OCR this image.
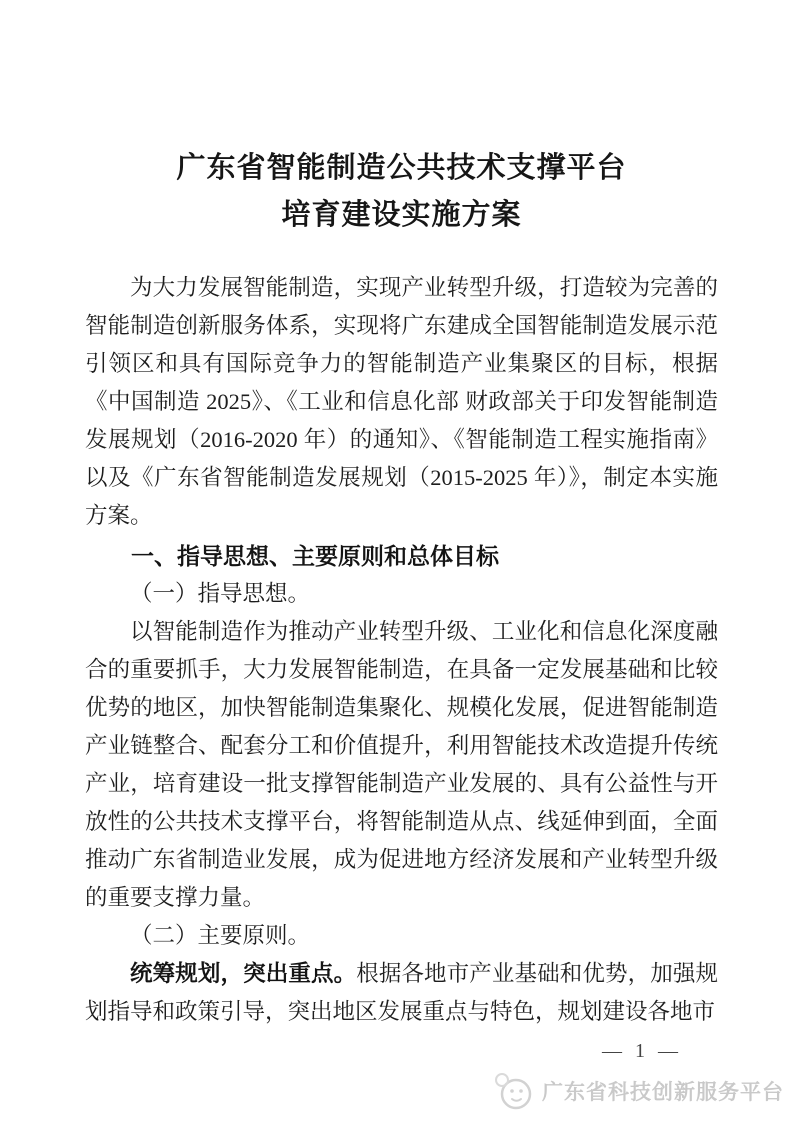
广东省智能制造公共技术支撑平台
培育建设实施方案

为大力发展智能制造，实现产业转型升级，打造较为完善的智能制造创新服务体系，实现将广东建成全国智能制造发展示范引领区和具有国际竞争力的智能制造产业集聚区的目标，根据《中国制造 2025》、《工业和信息化部 财政部关于印发智能制造发展规划（2016-2020 年）的通知》、《智能制造工程实施指南》以及《广东省智能制造发展规划（2015-2025 年）》，制定本实施方案。

一、指导思想、主要原则和总体目标

（一）指导思想。

以智能制造作为推动产业转型升级、工业化和信息化深度融合的重要抓手，大力发展智能制造，在具备一定发展基础和比较优势的地区，加快智能制造集聚化、规模化发展，促进智能制造产业链整合、配套分工和价值提升，利用智能技术改造提升传统产业，培育建设一批支撑智能制造产业发展的、具有公益性与开放性的公共技术支撑平台，将智能制造从点、线延伸到面，全面推动广东省制造业发展，成为促进地方经济发展和产业转型升级的重要支撑力量。

（二）主要原则。

统筹规划，突出重点。根据各地市产业基础和优势，加强规划指导和政策引导，突出地区发展重点与特色，规划建设各地市

— 1 —
广东省科技创新服务平台
